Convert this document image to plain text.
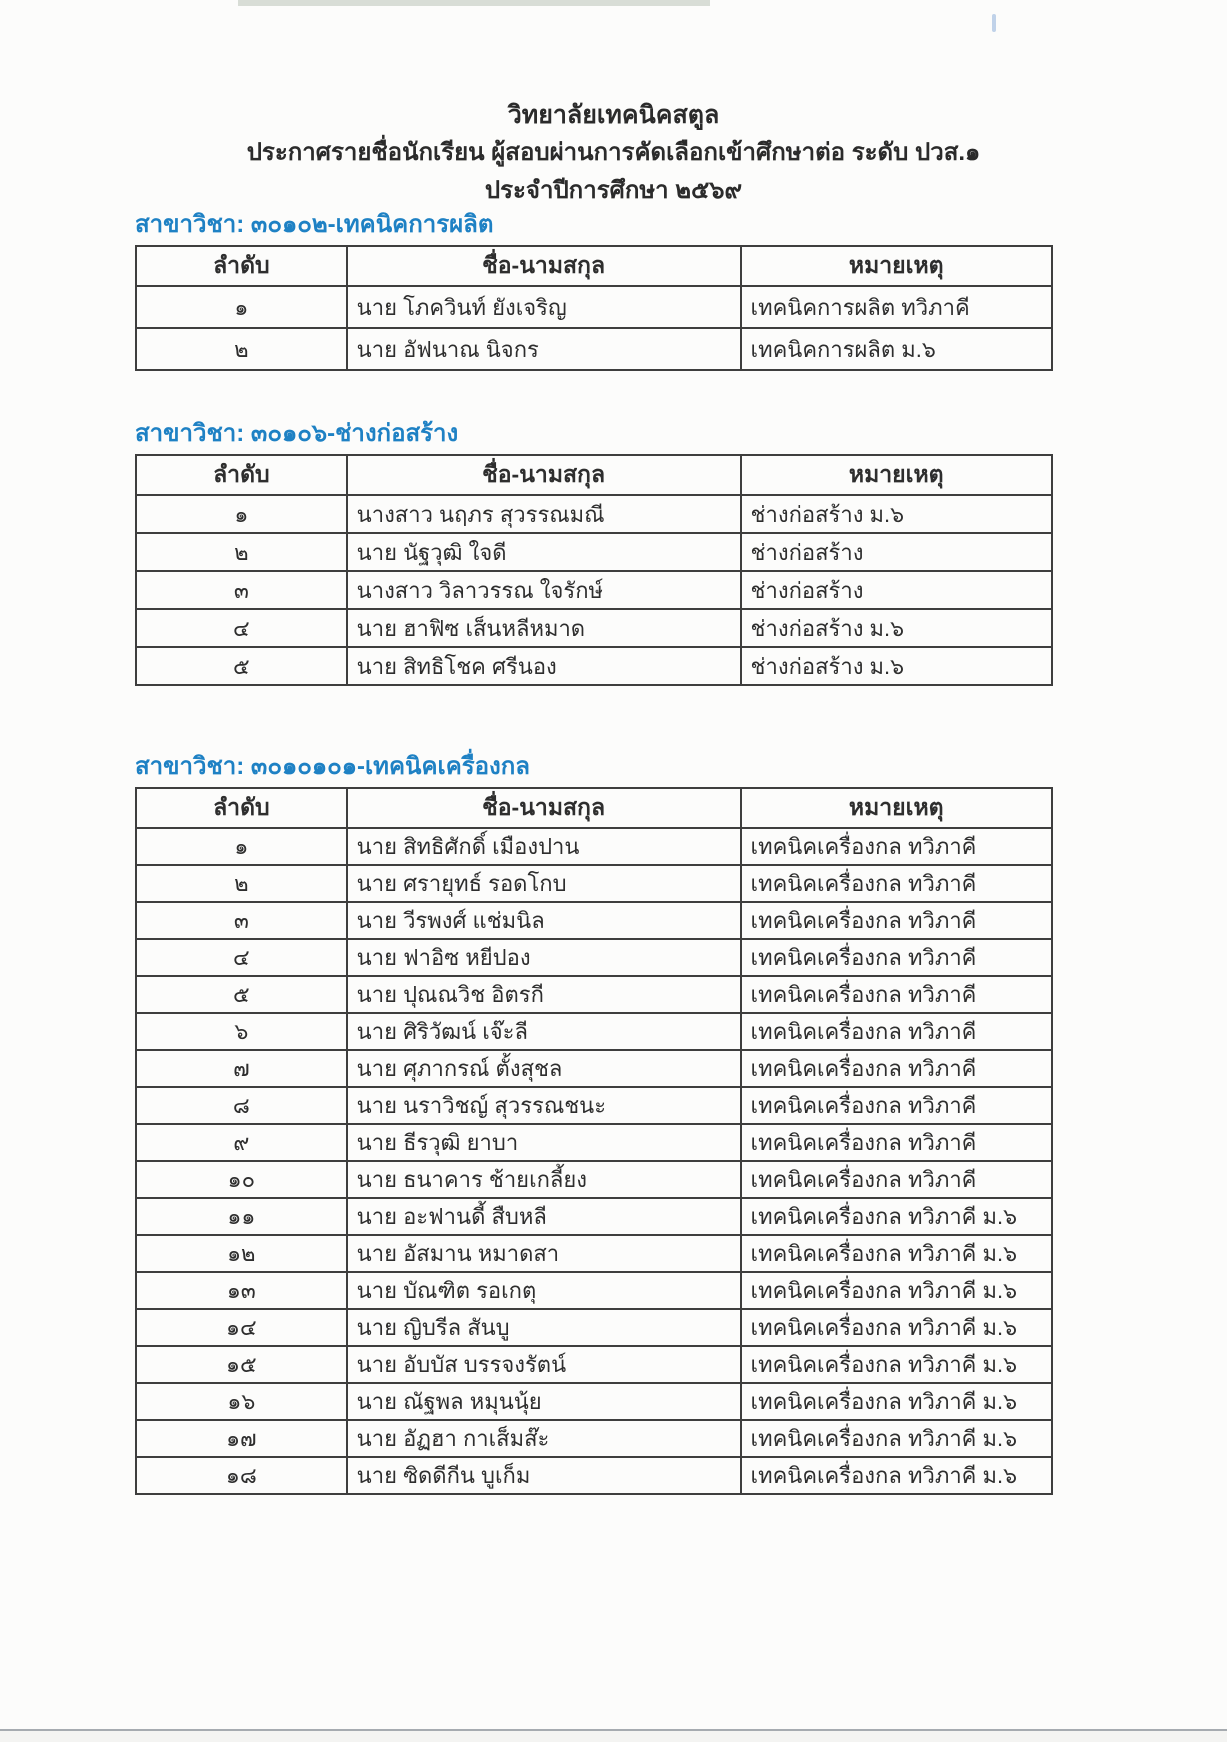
วิทยาลัยเทคนิคสตูล
ประกาศรายชื่อนักเรียน ผู้สอบผ่านการคัดเลือกเข้าศึกษาต่อ ระดับ ปวส.๑
ประจำปีการศึกษา ๒๕๖๙
สาขาวิชา: ๓๐๑๐๒-เทคนิคการผลิต
ลำดับ	ชื่อ-นามสกุล	หมายเหตุ
๑	นาย โภควินท์ ยังเจริญ	เทคนิคการผลิต ทวิภาคี
๒	นาย อัฟนาณ นิจกร	เทคนิคการผลิต ม.๖
สาขาวิชา: ๓๐๑๐๖-ช่างก่อสร้าง
ลำดับ	ชื่อ-นามสกุล	หมายเหตุ
๑	นางสาว นฤภร สุวรรณมณี	ช่างก่อสร้าง ม.๖
๒	นาย นัฐวุฒิ ใจดี	ช่างก่อสร้าง
๓	นางสาว วิลาวรรณ ใจรักษ์	ช่างก่อสร้าง
๔	นาย ฮาฟิซ เส็นหลีหมาด	ช่างก่อสร้าง ม.๖
๕	นาย สิทธิโชค ศรีนอง	ช่างก่อสร้าง ม.๖
สาขาวิชา: ๓๐๑๐๑๐๑-เทคนิคเครื่องกล
ลำดับ	ชื่อ-นามสกุล	หมายเหตุ
๑	นาย สิทธิศักดิ์ เมืองปาน	เทคนิคเครื่องกล ทวิภาคี
๒	นาย ศรายุทธ์ รอดโกบ	เทคนิคเครื่องกล ทวิภาคี
๓	นาย วีรพงศ์ แช่มนิล	เทคนิคเครื่องกล ทวิภาคี
๔	นาย ฟาอิซ หยีปอง	เทคนิคเครื่องกล ทวิภาคี
๕	นาย ปุณณวิช อิตรกี	เทคนิคเครื่องกล ทวิภาคี
๖	นาย ศิริวัฒน์ เจ๊ะลี	เทคนิคเครื่องกล ทวิภาคี
๗	นาย ศุภากรณ์ ตั้งสุชล	เทคนิคเครื่องกล ทวิภาคี
๘	นาย นราวิชญ์ สุวรรณชนะ	เทคนิคเครื่องกล ทวิภาคี
๙	นาย ธีรวุฒิ ยาบา	เทคนิคเครื่องกล ทวิภาคี
๑๐	นาย ธนาคาร ช้ายเกลี้ยง	เทคนิคเครื่องกล ทวิภาคี
๑๑	นาย อะฟานดี้ สืบหลี	เทคนิคเครื่องกล ทวิภาคี ม.๖
๑๒	นาย อัสมาน หมาดสา	เทคนิคเครื่องกล ทวิภาคี ม.๖
๑๓	นาย บัณฑิต รอเกตุ	เทคนิคเครื่องกล ทวิภาคี ม.๖
๑๔	นาย ญิบรีล สันบู	เทคนิคเครื่องกล ทวิภาคี ม.๖
๑๕	นาย อับบัส บรรจงรัตน์	เทคนิคเครื่องกล ทวิภาคี ม.๖
๑๖	นาย ณัฐพล หมุนนุ้ย	เทคนิคเครื่องกล ทวิภาคี ม.๖
๑๗	นาย อัฏฮา กาเส็มส๊ะ	เทคนิคเครื่องกล ทวิภาคี ม.๖
๑๘	นาย ซิดดีกีน บูเก็ม	เทคนิคเครื่องกล ทวิภาคี ม.๖
